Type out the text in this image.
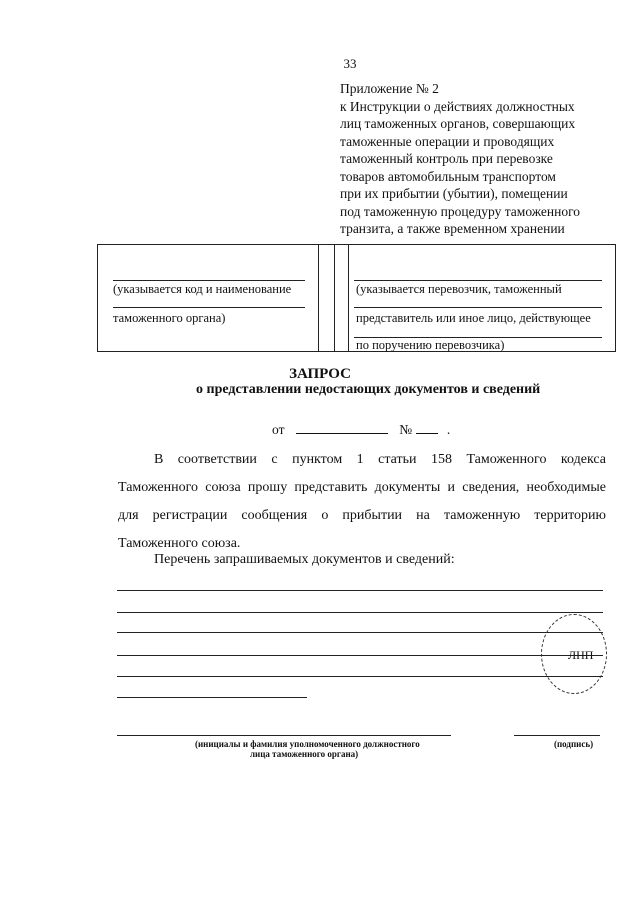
33
Приложение № 2
к Инструкции о действиях должностных
лиц таможенных органов, совершающих
таможенные операции и проводящих
таможенный контроль при перевозке
товаров автомобильным транспортом
при их прибытии (убытии), помещении
под таможенную процедуру таможенного
транзита, а также временном хранении
(указывается код и наименование
таможенного органа)
(указывается перевозчик, таможенный
представитель или иное лицо, действующее
по поручению перевозчика)
ЗАПРОС
о представлении недостающих документов и сведений
от	№	.
В соответствии с пунктом 1 статьи 158 Таможенного кодекса
Таможенного союза прошу представить документы и сведения, необходимые
для регистрации сообщения о прибытии на таможенную территорию
Таможенного союза.
Перечень запрашиваемых документов и сведений:
ЛНП
(инициалы и фамилия уполномоченного должностного
лица таможенного органа)
(подпись)
